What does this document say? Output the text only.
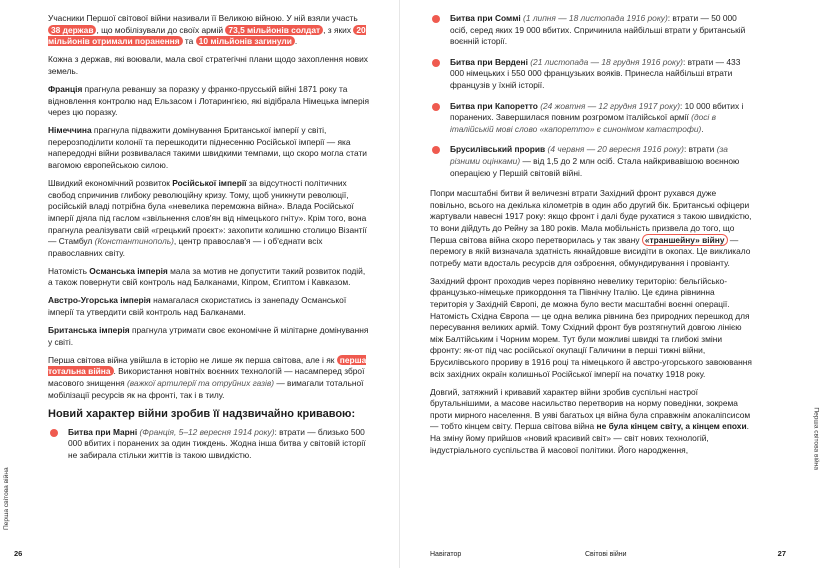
Учасники Першої світової війни називали її Великою війною. У ній взяли участь 38 держав , що мобілізували до своїх армій 73,5 мільйонів солдат , з яких 20 мільйонів отримали поранення та 10 мільйонів загинули .

Кожна з держав, які воювали, мала свої стратегічні плани щодо захоплення нових земель.

Франція прагнула реваншу за поразку у франко-прусській війні 1871 року та відновлення контролю над Ельзасом і Лотарингією, які відібрала Німецька імперія через цю поразку.

Німеччина прагнула підважити домінування Британської імперії у світі, перерозподілити колонії та перешкодити піднесенню Російської імперії — яка напередодні війни розвивалася такими швидкими темпами, що скоро могла стати вагомою європейською силою.

Швидкий економічний розвиток Російської імперії за відсутності політичних свобод спричинив глибоку революційну кризу. Тому, щоб уникнути революції, російській владі потрібна була «невелика переможна війна». Влада Російської імперії діяла під гаслом «звільнення слов'ян від німецького гніту». Крім того, вона прагнула реалізувати свій «грецький проєкт»: захопити колишню столицю Візантії — Стамбул (Константинополь), центр православ'я — і об'єднати всіх православних світу.

Натомість Османська імперія мала за мотив не допустити такий розвиток подій, а також повернути свій контроль над Балканами, Кіпром, Єгиптом і Кавказом.

Австро-Угорська імперія намагалася скористатись із занепаду Османської імперії та утвердити свій контроль над Балканами.

Британська імперія прагнула утримати своє економічне й мілітарне домінування у світі.

Перша світова війна увійшла в історію не лише як перша світова, але і як перша тотальна війна . Використання новітніх воєнних технологій — насамперед зброї масового знищення (важкої артилерії та отруйних газів) — вимагали тотальної мобілізації ресурсів як на фронті, так і в тилу.

Новий характер війни зробив її надзвичайно кривавою:
Битва при Марні (Франція, 5–12 вересня 1914 року): втрати — близько 500 000 вбитих і поранених за один тиждень. Жодна інша битва у світовій історії не забирала стільки життів із такою швидкістю.
Перша світова війна
26
Битва при Соммі (1 липня — 18 листопада 1916 року): втрати — 50 000 осіб, серед яких 19 000 вбитих. Спричинила найбільші втрати у британській воєнній історії.
Битва при Вердені (21 листопада — 18 грудня 1916 року): втрати — 433 000 німецьких і 550 000 французьких вояків. Принесла найбільші втрати французів у їхній історії.
Битва при Капоретто (24 жовтня — 12 грудня 1917 року): 10 000 вбитих і поранених. Завершилася повним розгромом італійської армії (досі в італійській мові слово «капоретто» є синонімом катастрофи).
Брусилівський прорив (4 червня — 20 вересня 1916 року): втрати (за різними оцінками) — від 1,5 до 2 млн осіб. Стала найкривавішою воєнною операцією у Першій світовій війні.

Попри масштабні битви й величезні втрати Західний фронт рухався дуже повільно, всього на декілька кілометрів в один або другий бік. Британські офіцери жартували навесні 1917 року: якщо фронт і далі буде рухатися з такою швидкістю, то вони дійдуть до Рейну за 180 років. Мала мобільність призвела до того, що Перша світова війна скоро перетворилась у так звану «траншейну» війну — перемогу в якій визначала здатність якнайдовше висидіти в окопах. Це викликало потребу мати вдосталь ресурсів для озброєння, обмундирування і провіанту.

Західний фронт проходив через порівняно невелику територію: бельгійсько-французько-німецьке прикордоння та Північну Італію. Це єдина рівнинна територія у Західній Європі, де можна було вести масштабні воєнні операції. Натомість Східна Європа — це одна велика рівнина без природних перешкод для пересування великих армій. Тому Східний фронт був розтягнутий довгою лінією між Балтійським і Чорним морем. Тут були можливі швидкі та глибокі зміни фронту: як-от під час російської окупації Галичини в перші тижні війни, Брусилівського прориву в 1916 році та німецького й австро-угорського завоювання всіх західних окраїн колишньої Російської імперії на початку 1918 року.

Довгий, затяжний і кривавий характер війни зробив суспільні настрої брутальнішими, а масове насильство перетворив на норму поведінки, зокрема проти мирного населення. В уяві багатьох ця війна була справжнім апокаліпсисом — тобто кінцем світу. Перша світова війна не була кінцем світу, а кінцем епохи. На зміну йому прийшов «новий красивий світ» — світ нових технологій, індустріального суспільства й масової політики. Його народження,	Перша світова війна
Навігатор	Світові війни	27
